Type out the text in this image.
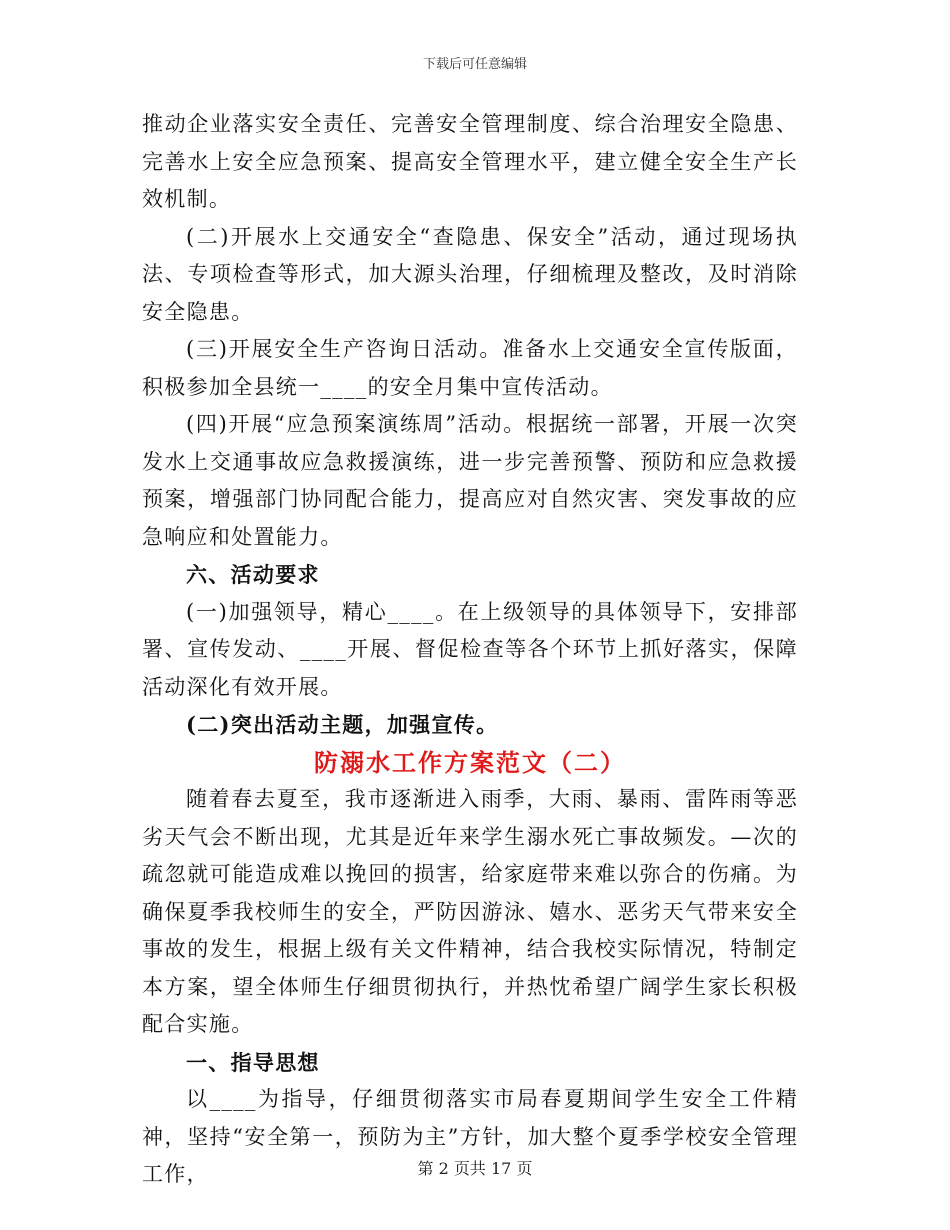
下载后可任意编辑

推动企业落实安全责任、完善安全管理制度、综合治理安全隐患、完善水上安全应急预案、提高安全管理水平，建立健全安全生产长效机制。

(二)开展水上交通安全“查隐患、保安全”活动，通过现场执法、专项检查等形式，加大源头治理，仔细梳理及整改，及时消除安全隐患。

(三)开展安全生产咨询日活动。准备水上交通安全宣传版面，积极参加全县统一____的安全月集中宣传活动。

(四)开展“应急预案演练周”活动。根据统一部署，开展一次突发水上交通事故应急救援演练，进一步完善预警、预防和应急救援预案，增强部门协同配合能力，提高应对自然灾害、突发事故的应急响应和处置能力。

六、活动要求

(一)加强领导，精心____。在上级领导的具体领导下，安排部署、宣传发动、____开展、督促检查等各个环节上抓好落实，保障活动深化有效开展。

(二)突出活动主题，加强宣传。

防溺水工作方案范文（二）

随着春去夏至，我市逐渐进入雨季，大雨、暴雨、雷阵雨等恶劣天气会不断出现，尤其是近年来学生溺水死亡事故频发。—次的疏忽就可能造成难以挽回的损害，给家庭带来难以弥合的伤痛。为确保夏季我校师生的安全，严防因游泳、嬉水、恶劣天气带来安全事故的发生，根据上级有关文件精神，结合我校实际情况，特制定本方案，望全体师生仔细贯彻执行，并热忱希望广阔学生家长积极配合实施。

一、指导思想

以____为指导，仔细贯彻落实市局春夏期间学生安全工件精神，坚持“安全第一，预防为主”方针，加大整个夏季学校安全管理工作，	第 2 页共 17 页
